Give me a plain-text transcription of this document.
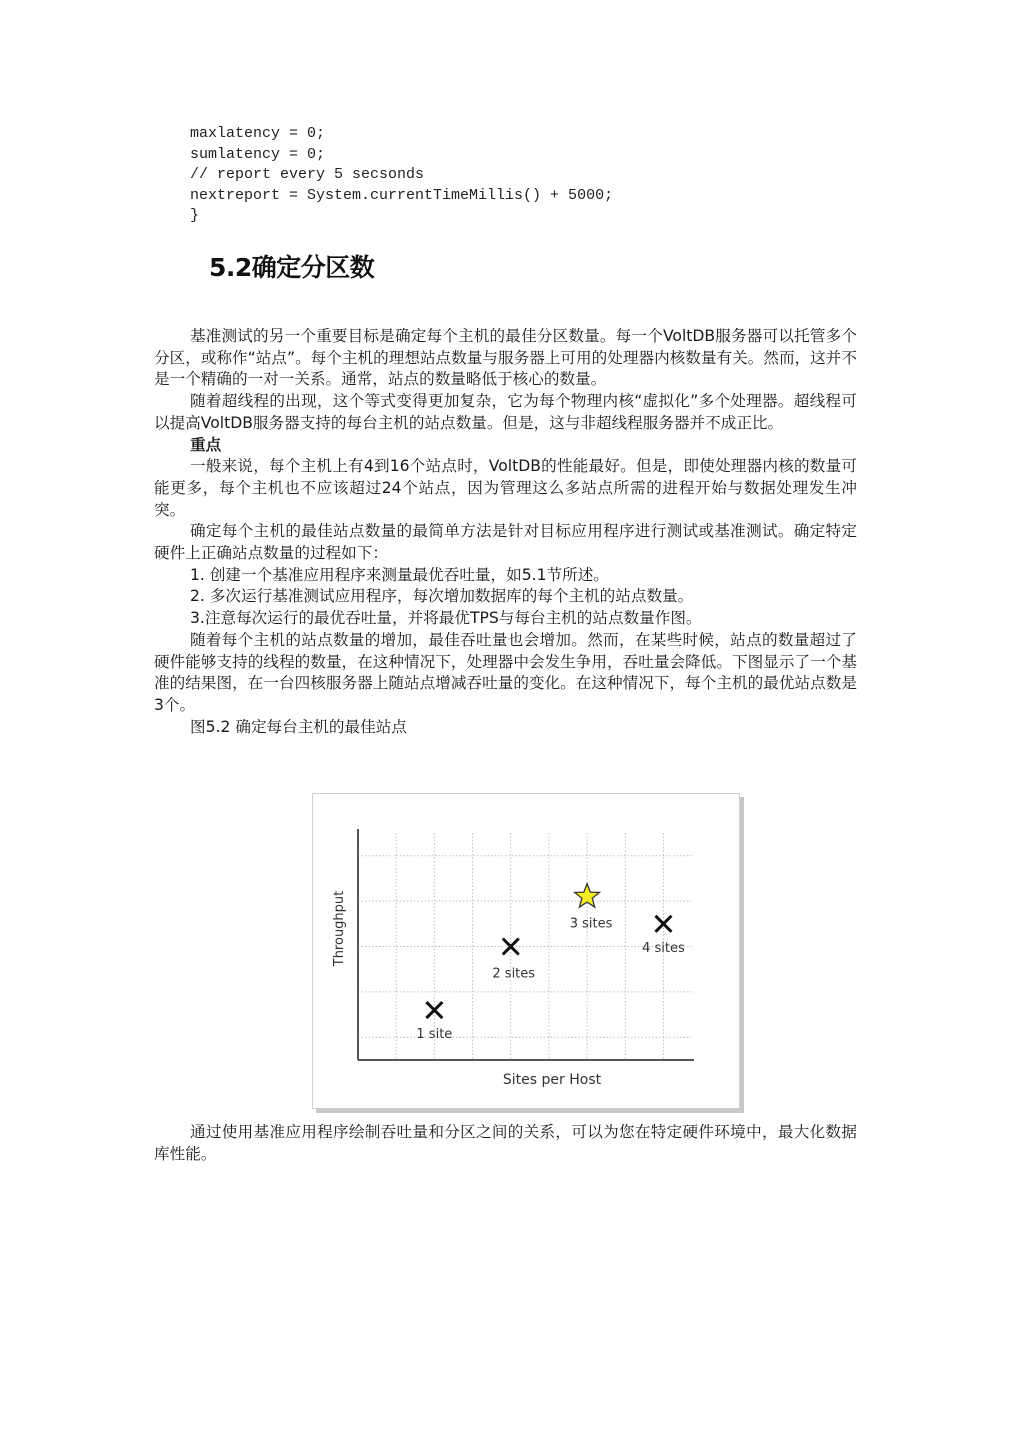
maxlatency = 0;
sumlatency = 0;
// report every 5 secsonds
nextreport = System.currentTimeMillis() + 5000;
}
5.2确定分区数

基准测试的另一个重要目标是确定每个主机的最佳分区数量。每一个VoltDB服务器可以托管多个分区，或称作“站点”。每个主机的理想站点数量与服务器上可用的处理器内核数量有关。然而，这并不是一个精确的一对一关系。通常，站点的数量略低于核心的数量。

随着超线程的出现，这个等式变得更加复杂，它为每个物理内核“虚拟化”多个处理器。超线程可以提高VoltDB服务器支持的每台主机的站点数量。但是，这与非超线程服务器并不成正比。

重点

一般来说，每个主机上有4到16个站点时，VoltDB的性能最好。但是，即使处理器内核的数量可能更多，每个主机也不应该超过24个站点，因为管理这么多站点所需的进程开始与数据处理发生冲突。

确定每个主机的最佳站点数量的最简单方法是针对目标应用程序进行测试或基准测试。确定特定硬件上正确站点数量的过程如下：

1. 创建一个基准应用程序来测量最优吞吐量，如5.1节所述。

2. 多次运行基准测试应用程序，每次增加数据库的每个主机的站点数量。

3.注意每次运行的最优吞吐量，并将最优TPS与每台主机的站点数量作图。

随着每个主机的站点数量的增加，最佳吞吐量也会增加。然而，在某些时候，站点的数量超过了硬件能够支持的线程的数量，在这种情况下，处理器中会发生争用，吞吐量会降低。下图显示了一个基准的结果图，在一台四核服务器上随站点增减吞吐量的变化。在这种情况下，每个主机的最优站点数是3个。

图5.2 确定每台主机的最佳站点

Sites per Host
Throughput
1 site
2 sites
3 sites
4 sites

通过使用基准应用程序绘制吞吐量和分区之间的关系，可以为您在特定硬件环境中，最大化数据库性能。
